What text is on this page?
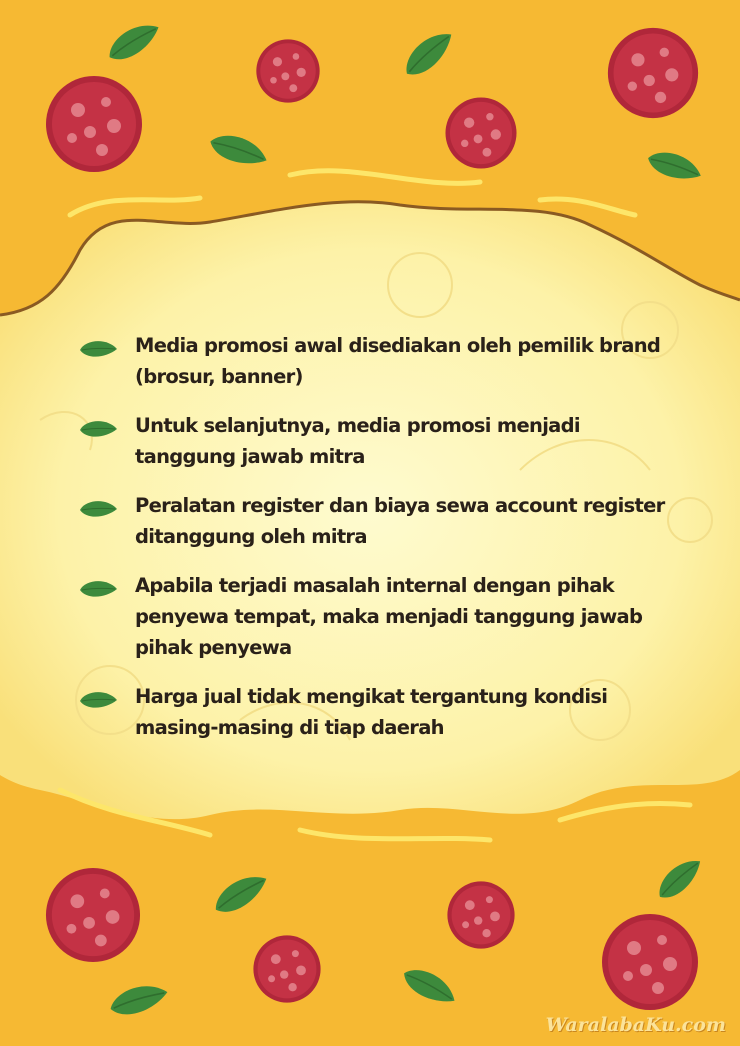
Media promosi awal disediakan oleh pemilik brand (brosur, banner)
Untuk selanjutnya, media promosi menjadi tanggung jawab mitra
Peralatan register dan biaya sewa account register ditanggung oleh mitra
Apabila terjadi masalah internal dengan pihak penyewa tempat, maka menjadi tanggung jawab pihak penyewa
Harga jual tidak mengikat tergantung kondisi masing-masing di tiap daerah
WaralabaKu.com
